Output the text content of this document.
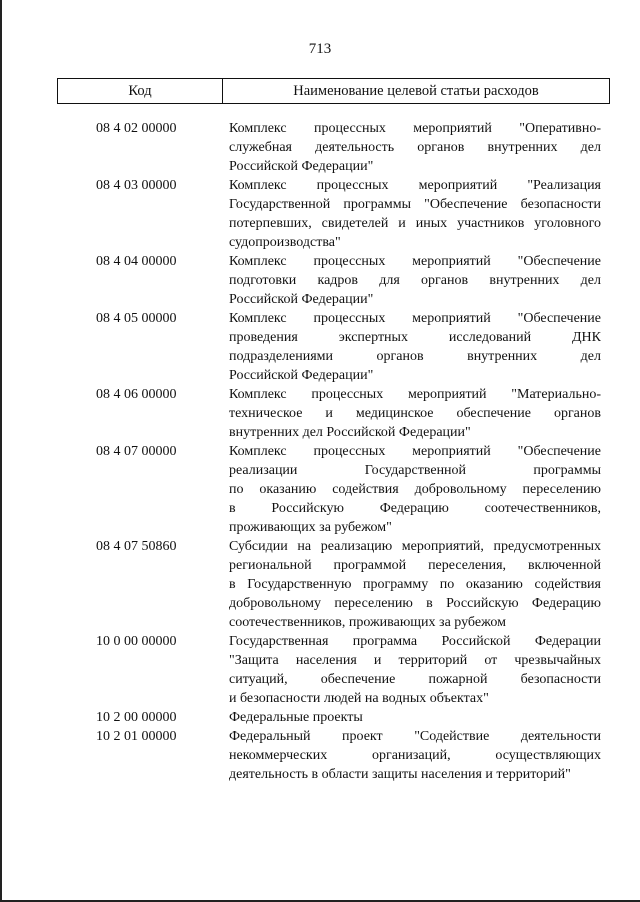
713
Код	Наименование целевой статьи расходов
08 4 02 00000	Комплекс процессных мероприятий "Оперативно-
служебная деятельность органов внутренних дел
Российской Федерации"
08 4 03 00000	Комплекс процессных мероприятий "Реализация
Государственной программы "Обеспечение безопасности
потерпевших, свидетелей и иных участников уголовного
судопроизводства"
08 4 04 00000	Комплекс процессных мероприятий "Обеспечение
подготовки кадров для органов внутренних дел
Российской Федерации"
08 4 05 00000	Комплекс процессных мероприятий "Обеспечение
проведения экспертных исследований ДНК
подразделениями органов внутренних дел
Российской Федерации"
08 4 06 00000	Комплекс процессных мероприятий "Материально-
техническое и медицинское обеспечение органов
внутренних дел Российской Федерации"
08 4 07 00000	Комплекс процессных мероприятий "Обеспечение
реализации Государственной программы
по оказанию содействия добровольному переселению
в Российскую Федерацию соотечественников,
проживающих за рубежом"
08 4 07 50860	Субсидии на реализацию мероприятий, предусмотренных
региональной программой переселения, включенной
в Государственную программу по оказанию содействия
добровольному переселению в Российскую Федерацию
соотечественников, проживающих за рубежом
10 0 00 00000	Государственная программа Российской Федерации
"Защита населения и территорий от чрезвычайных
ситуаций, обеспечение пожарной безопасности
и безопасности людей на водных объектах"
10 2 00 00000	Федеральные проекты
10 2 01 00000	Федеральный проект "Содействие деятельности
некоммерческих организаций, осуществляющих
деятельность в области защиты населения и территорий"
